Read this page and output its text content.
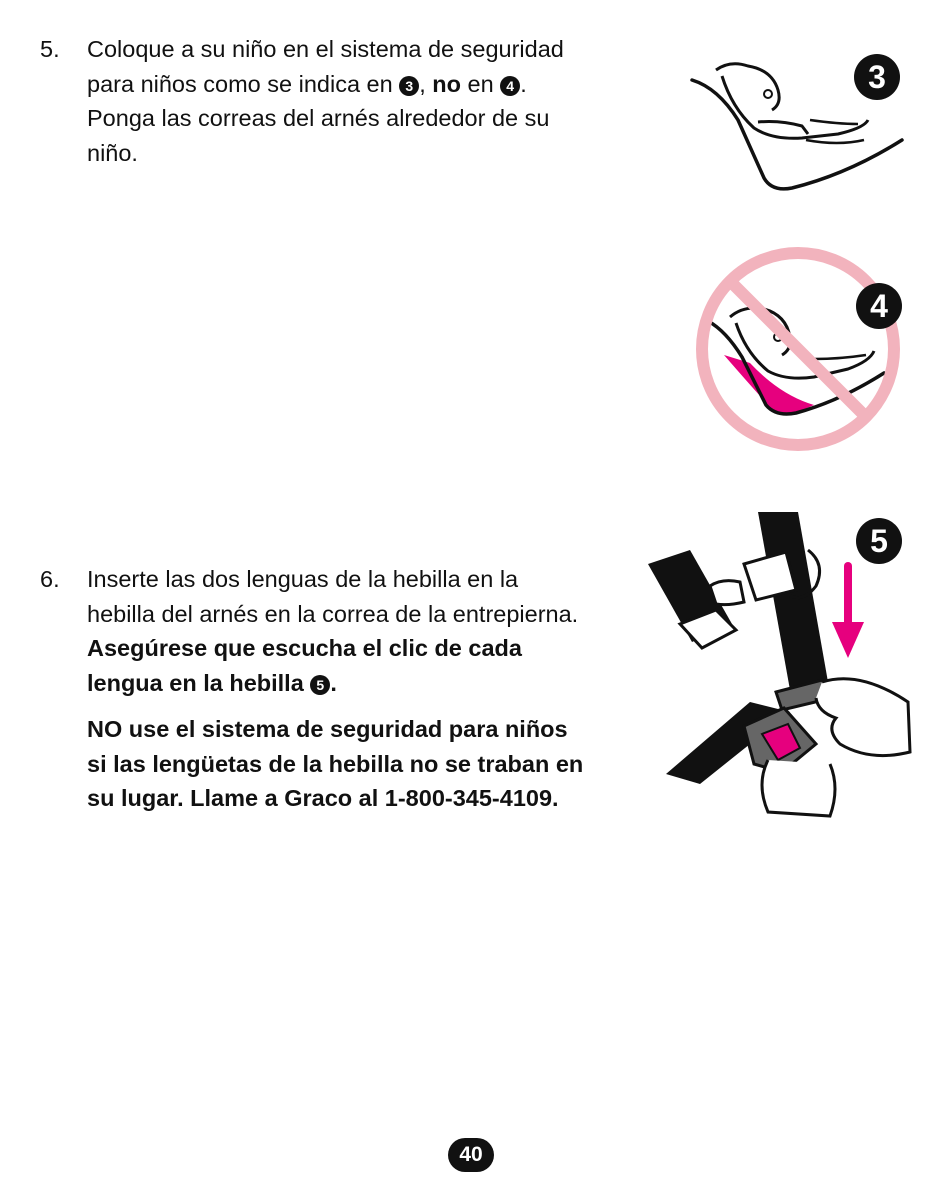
5. Coloque a su niño en el sistema de seguridad
para niños como se indica en 3 , no en 4 .
Ponga las correas del arnés alrededor de su
niño.

6. Inserte las dos lenguas de la hebilla en la
hebilla del arnés en la correa de la entrepierna.
Asegúrese que escucha el clic de cada
lengua en la hebilla 5 .

NO use el sistema de seguridad para niños
si las lengüetas de la hebilla no se traban en
su lugar. Llame a Graco al 1-800-345-4109.

3
4
5
40
